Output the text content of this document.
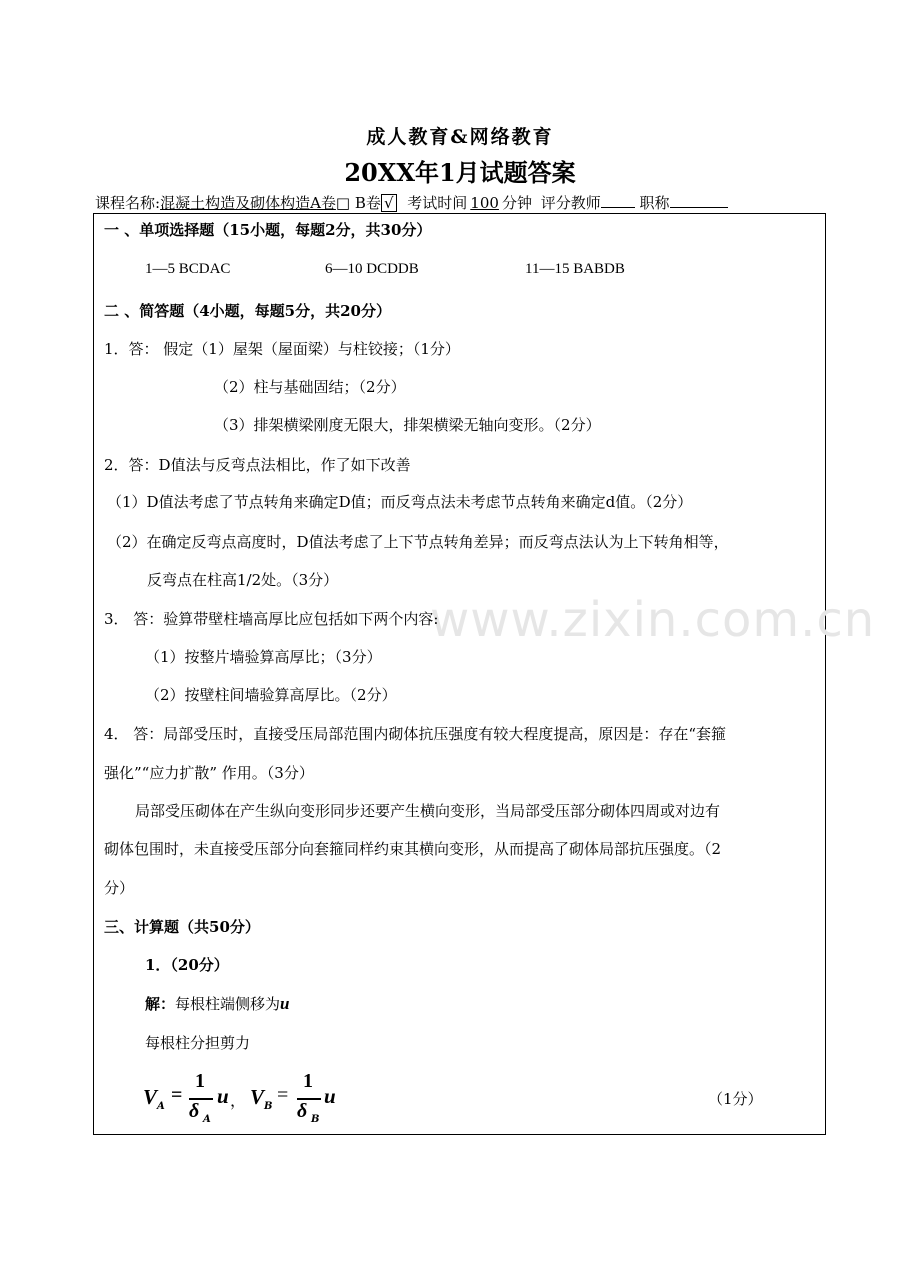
成人教育&网络教育
20XX年1月试题答案
课程名称:混凝土构造及砌体构造A卷□ B卷 √ 考试时间 100 分钟 评分教师	职称
www.zixin.com.cn
一 、单项选择题（15小题，每题2分，共30分）
1—5 BCDAC	6—10 DCDDB	11—15 BABDB
二 、简答题（4小题，每题5分，共20分）
1．答： 假定（1）屋架（屋面梁）与柱铰接；（1分）
（2）柱与基础固结；（2分）
（3）排架横梁刚度无限大，排架横梁无轴向变形。（2分）
2．答：D值法与反弯点法相比，作了如下改善
（1）D值法考虑了节点转角来确定D值；而反弯点法未考虑节点转角来确定d值。（2分）
（2）在确定反弯点高度时，D值法考虑了上下节点转角差异；而反弯点法认为上下转角相等，
反弯点在柱高1/2处。（3分）
3． 答：验算带壁柱墙高厚比应包括如下两个内容:
（1）按整片墙验算高厚比；（3分）
（2）按壁柱间墙验算高厚比。（2分）
4． 答：局部受压时，直接受压局部范围内砌体抗压强度有较大程度提高，原因是：存在“套箍
强化”“应力扩散” 作用。（3分）
局部受压砌体在产生纵向变形同步还要产生横向变形，当局部受压部分砌体四周或对边有
砌体包围时，未直接受压部分向套箍同样约束其横向变形，从而提高了砌体局部抗压强度。（2
分）
三、计算题（共50分）
1．（20分）
解：每根柱端侧移为u
每根柱分担剪力
V A
=
1
δ A
u ， V B
=
1
δ B
u	（1分）
